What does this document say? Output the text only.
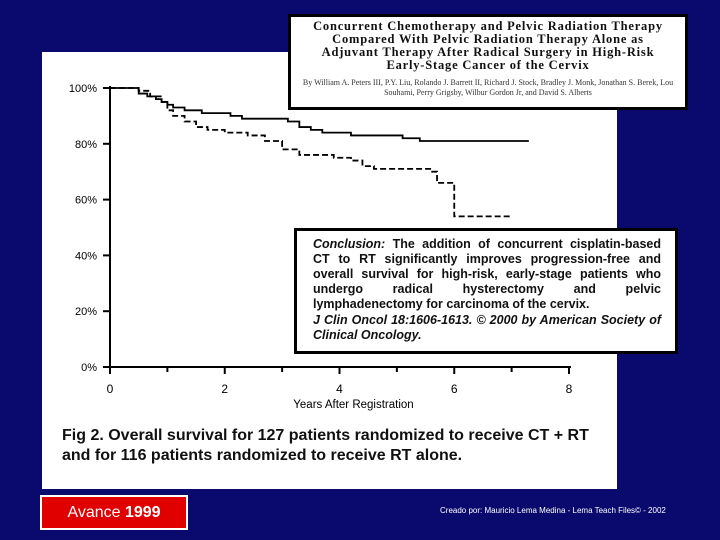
0%
20%
40%
60%
80%
100%
0	2	4	6	8
Years After Registration
Fig 2. Overall survival for 127 patients randomized to receive CT + RT and for 116 patients randomized to receive RT alone.
Concurrent Chemotherapy and Pelvic Radiation Therapy
Compared With Pelvic Radiation Therapy Alone as
Adjuvant Therapy After Radical Surgery in High-Risk
Early-Stage Cancer of the Cervix
By William A. Peters III, P.Y. Liu, Rolando J. Barrett II, Richard J. Stock, Bradley J. Monk, Jonathan S. Berek, Lou Souhami, Perry Grigsby, Wilbur Gordon Jr, and David S. Alberts
Conclusion: The addition of concurrent cisplatin-based CT to RT significantly improves progression-free and overall survival for high-risk, early-stage patients who undergo radical hysterectomy and pelvic lymphadenectomy for carcinoma of the cervix.
J Clin Oncol 18:1606-1613. © 2000 by American Society of Clinical Oncology.
Avance 1999	Creado por: Mauricio Lema Medina - Lema Teach Files© - 2002
